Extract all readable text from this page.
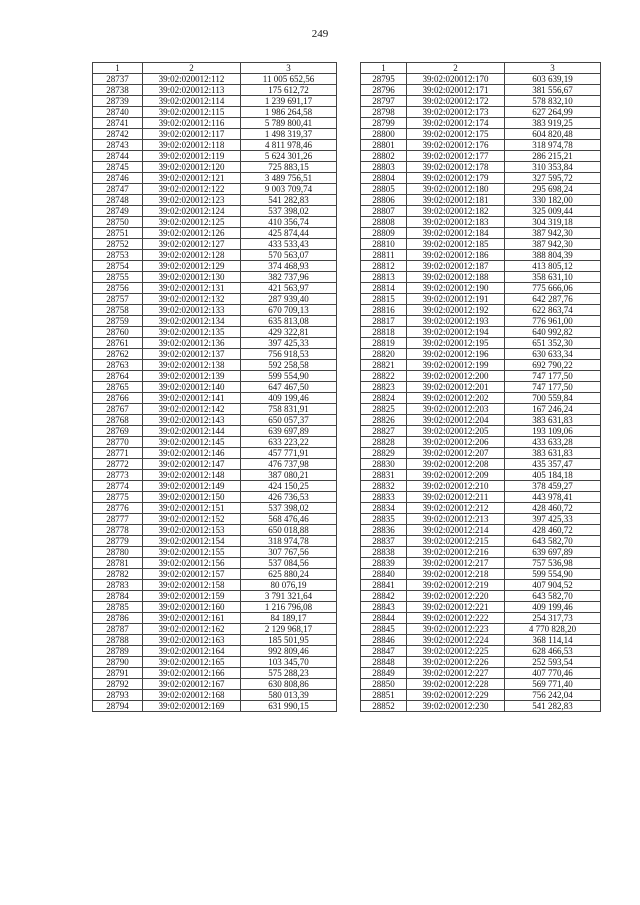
249
1	2	3
28737	39:02:020012:112	11 005 652,56
28738	39:02:020012:113	175 612,72
28739	39:02:020012:114	1 239 691,17
28740	39:02:020012:115	1 986 264,58
28741	39:02:020012:116	5 789 800,41
28742	39:02:020012:117	1 498 319,37
28743	39:02:020012:118	4 811 978,46
28744	39:02:020012:119	5 624 301,26
28745	39:02:020012:120	725 883,15
28746	39:02:020012:121	3 489 756,51
28747	39:02:020012:122	9 003 709,74
28748	39:02:020012:123	541 282,83
28749	39:02:020012:124	537 398,02
28750	39:02:020012:125	410 356,74
28751	39:02:020012:126	425 874,44
28752	39:02:020012:127	433 533,43
28753	39:02:020012:128	570 563,07
28754	39:02:020012:129	374 468,93
28755	39:02:020012:130	382 737,96
28756	39:02:020012:131	421 563,97
28757	39:02:020012:132	287 939,40
28758	39:02:020012:133	670 709,13
28759	39:02:020012:134	635 813,08
28760	39:02:020012:135	429 322,81
28761	39:02:020012:136	397 425,33
28762	39:02:020012:137	756 918,53
28763	39:02:020012:138	592 258,58
28764	39:02:020012:139	599 554,90
28765	39:02:020012:140	647 467,50
28766	39:02:020012:141	409 199,46
28767	39:02:020012:142	758 831,91
28768	39:02:020012:143	650 057,37
28769	39:02:020012:144	639 697,89
28770	39:02:020012:145	633 223,22
28771	39:02:020012:146	457 771,91
28772	39:02:020012:147	476 737,98
28773	39:02:020012:148	387 080,21
28774	39:02:020012:149	424 150,25
28775	39:02:020012:150	426 736,53
28776	39:02:020012:151	537 398,02
28777	39:02:020012:152	568 476,46
28778	39:02:020012:153	650 018,88
28779	39:02:020012:154	318 974,78
28780	39:02:020012:155	307 767,56
28781	39:02:020012:156	537 084,56
28782	39:02:020012:157	625 880,24
28783	39:02:020012:158	80 076,19
28784	39:02:020012:159	3 791 321,64
28785	39:02:020012:160	1 216 796,08
28786	39:02:020012:161	84 189,17
28787	39:02:020012:162	2 129 968,17
28788	39:02:020012:163	185 501,95
28789	39:02:020012:164	992 809,46
28790	39:02:020012:165	103 345,70
28791	39:02:020012:166	575 288,23
28792	39:02:020012:167	630 808,86
28793	39:02:020012:168	580 013,39
28794	39:02:020012:169	631 990,15
1	2	3
28795	39:02:020012:170	603 639,19
28796	39:02:020012:171	381 556,67
28797	39:02:020012:172	578 832,10
28798	39:02:020012:173	627 264,99
28799	39:02:020012:174	383 919,25
28800	39:02:020012:175	604 820,48
28801	39:02:020012:176	318 974,78
28802	39:02:020012:177	286 215,21
28803	39:02:020012:178	310 353,84
28804	39:02:020012:179	327 595,72
28805	39:02:020012:180	295 698,24
28806	39:02:020012:181	330 182,00
28807	39:02:020012:182	325 009,44
28808	39:02:020012:183	304 319,18
28809	39:02:020012:184	387 942,30
28810	39:02:020012:185	387 942,30
28811	39:02:020012:186	388 804,39
28812	39:02:020012:187	413 805,12
28813	39:02:020012:188	358 631,10
28814	39:02:020012:190	775 666,06
28815	39:02:020012:191	642 287,76
28816	39:02:020012:192	622 863,74
28817	39:02:020012:193	776 961,00
28818	39:02:020012:194	640 992,82
28819	39:02:020012:195	651 352,30
28820	39:02:020012:196	630 633,34
28821	39:02:020012:199	692 790,22
28822	39:02:020012:200	747 177,50
28823	39:02:020012:201	747 177,50
28824	39:02:020012:202	700 559,84
28825	39:02:020012:203	167 246,24
28826	39:02:020012:204	383 631,83
28827	39:02:020012:205	193 109,06
28828	39:02:020012:206	433 633,28
28829	39:02:020012:207	383 631,83
28830	39:02:020012:208	435 357,47
28831	39:02:020012:209	405 184,18
28832	39:02:020012:210	378 459,27
28833	39:02:020012:211	443 978,41
28834	39:02:020012:212	428 460,72
28835	39:02:020012:213	397 425,33
28836	39:02:020012:214	428 460,72
28837	39:02:020012:215	643 582,70
28838	39:02:020012:216	639 697,89
28839	39:02:020012:217	757 536,98
28840	39:02:020012:218	599 554,90
28841	39:02:020012:219	407 904,52
28842	39:02:020012:220	643 582,70
28843	39:02:020012:221	409 199,46
28844	39:02:020012:222	254 317,73
28845	39:02:020012:223	4 770 828,20
28846	39:02:020012:224	368 114,14
28847	39:02:020012:225	628 466,53
28848	39:02:020012:226	252 593,54
28849	39:02:020012:227	407 770,46
28850	39:02:020012:228	569 771,40
28851	39:02:020012:229	756 242,04
28852	39:02:020012:230	541 282,83
